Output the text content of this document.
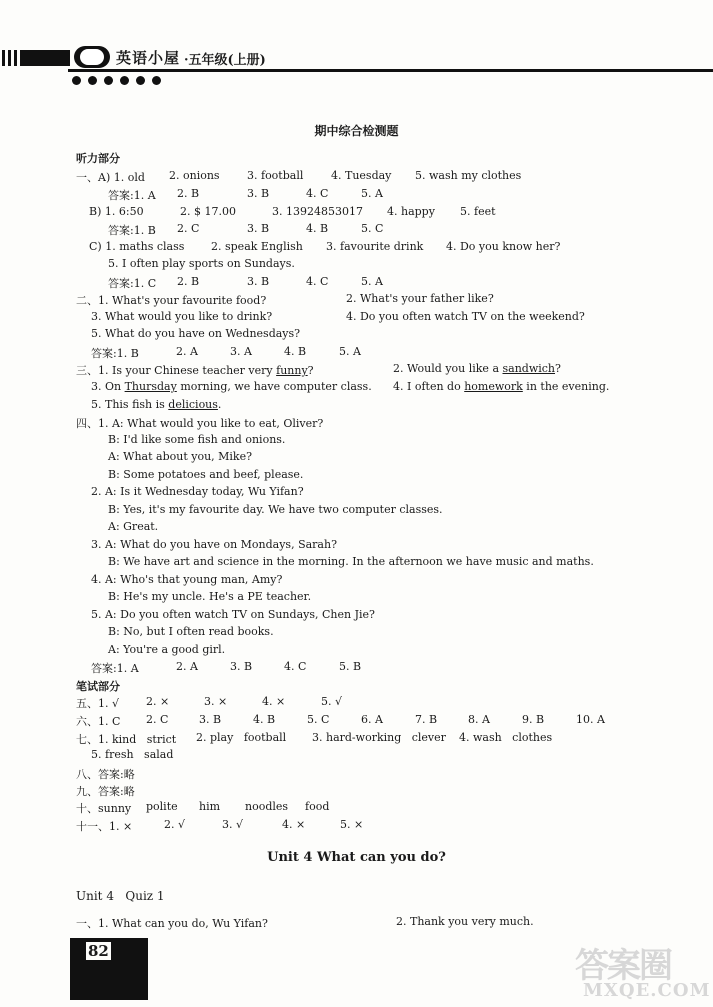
英语小屋 ·五年级(上册)
期中综合检测题
听力部分
一、A) 1. old 2. onions 3. football	4. Tuesday 5. wash my clothes
答案:1. A 2. B	3. B	4. C	5. A
B) 1. 6:50	2. $ 17.00	3. 13924853017 4. happy 5. feet
答案:1. B 2. C	3. B	4. B	5. C
C) 1. maths class 2. speak English 3. favourite drink 4. Do you know her?
5. I often play sports on Sundays.
答案:1. C 2. B	3. B	4. C	5. A
二、1. What's your favourite food?	2. What's your father like?
3. What would you like to drink?	4. Do you often watch TV on the weekend?
5. What do you have on Wednesdays?
答案:1. B	2. A	3. A	4. B	5. A
三、1. Is your Chinese teacher very funny?	2. Would you like a sandwich?
3. On Thursday morning, we have computer class. 4. I often do homework in the evening.
5. This fish is delicious.
四、1. A: What would you like to eat, Oliver?
B: I'd like some fish and onions.
A: What about you, Mike?
B: Some potatoes and beef, please.
2. A: Is it Wednesday today, Wu Yifan?
B: Yes, it's my favourite day. We have two computer classes.
A: Great.
3. A: What do you have on Mondays, Sarah?
B: We have art and science in the morning. In the afternoon we have music and maths.
4. A: Who's that young man, Amy?
B: He's my uncle. He's a PE teacher.
5. A: Do you often watch TV on Sundays, Chen Jie?
B: No, but I often read books.
A: You're a good girl.
答案:1. A	2. A	3. B	4. C	5. B
笔试部分
五、1. √ 2. ×	3. ×	4. ×	5. √
六、1. C 2. C	3. B	4. B	5. C	6. A	7. B	8. A	9. B	10. A
七、1. kind   strict 2. play   football 3. hard-working   clever 4. wash   clothes
5. fresh   salad
八、答案:略
九、答案:略
十、sunny polite him noodles food
十一、1. ×	2. √	3. √	4. ×	5. ×
Unit 4   Quiz 1
一、1. What can you do, Wu Yifan?	2. Thank you very much.
Unit 4 What can you do?
82	答案圈
MXQE.COM
